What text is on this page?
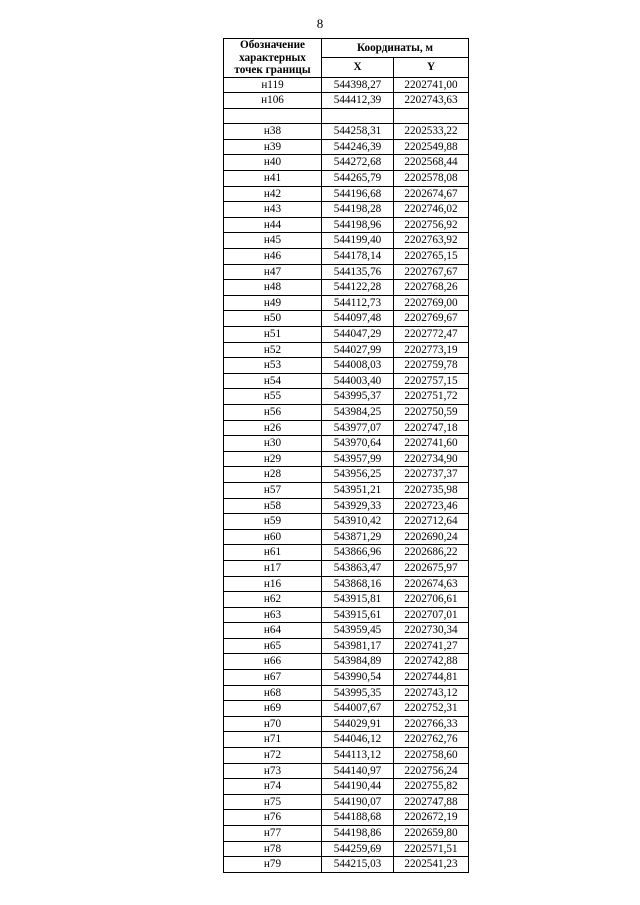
8
Обозначение характерных точек границы	Координаты, м	
	X	Y
н119	544398,27	2202741,00
н106	544412,39	2202743,63

н38	544258,31	2202533,22
н39	544246,39	2202549,88
н40	544272,68	2202568,44
н41	544265,79	2202578,08
н42	544196,68	2202674,67
н43	544198,28	2202746,02
н44	544198,96	2202756,92
н45	544199,40	2202763,92
н46	544178,14	2202765,15
н47	544135,76	2202767,67
н48	544122,28	2202768,26
н49	544112,73	2202769,00
н50	544097,48	2202769,67
н51	544047,29	2202772,47
н52	544027,99	2202773,19
н53	544008,03	2202759,78
н54	544003,40	2202757,15
н55	543995,37	2202751,72
н56	543984,25	2202750,59
н26	543977,07	2202747,18
н30	543970,64	2202741,60
н29	543957,99	2202734,90
н28	543956,25	2202737,37
н57	543951,21	2202735,98
н58	543929,33	2202723,46
н59	543910,42	2202712,64
н60	543871,29	2202690,24
н61	543866,96	2202686,22
н17	543863,47	2202675,97
н16	543868,16	2202674,63
н62	543915,81	2202706,61
н63	543915,61	2202707,01
н64	543959,45	2202730,34
н65	543981,17	2202741,27
н66	543984,89	2202742,88
н67	543990,54	2202744,81
н68	543995,35	2202743,12
н69	544007,67	2202752,31
н70	544029,91	2202766,33
н71	544046,12	2202762,76
н72	544113,12	2202758,60
н73	544140,97	2202756,24
н74	544190,44	2202755,82
н75	544190,07	2202747,88
н76	544188,68	2202672,19
н77	544198,86	2202659,80
н78	544259,69	2202571,51
н79	544215,03	2202541,23
